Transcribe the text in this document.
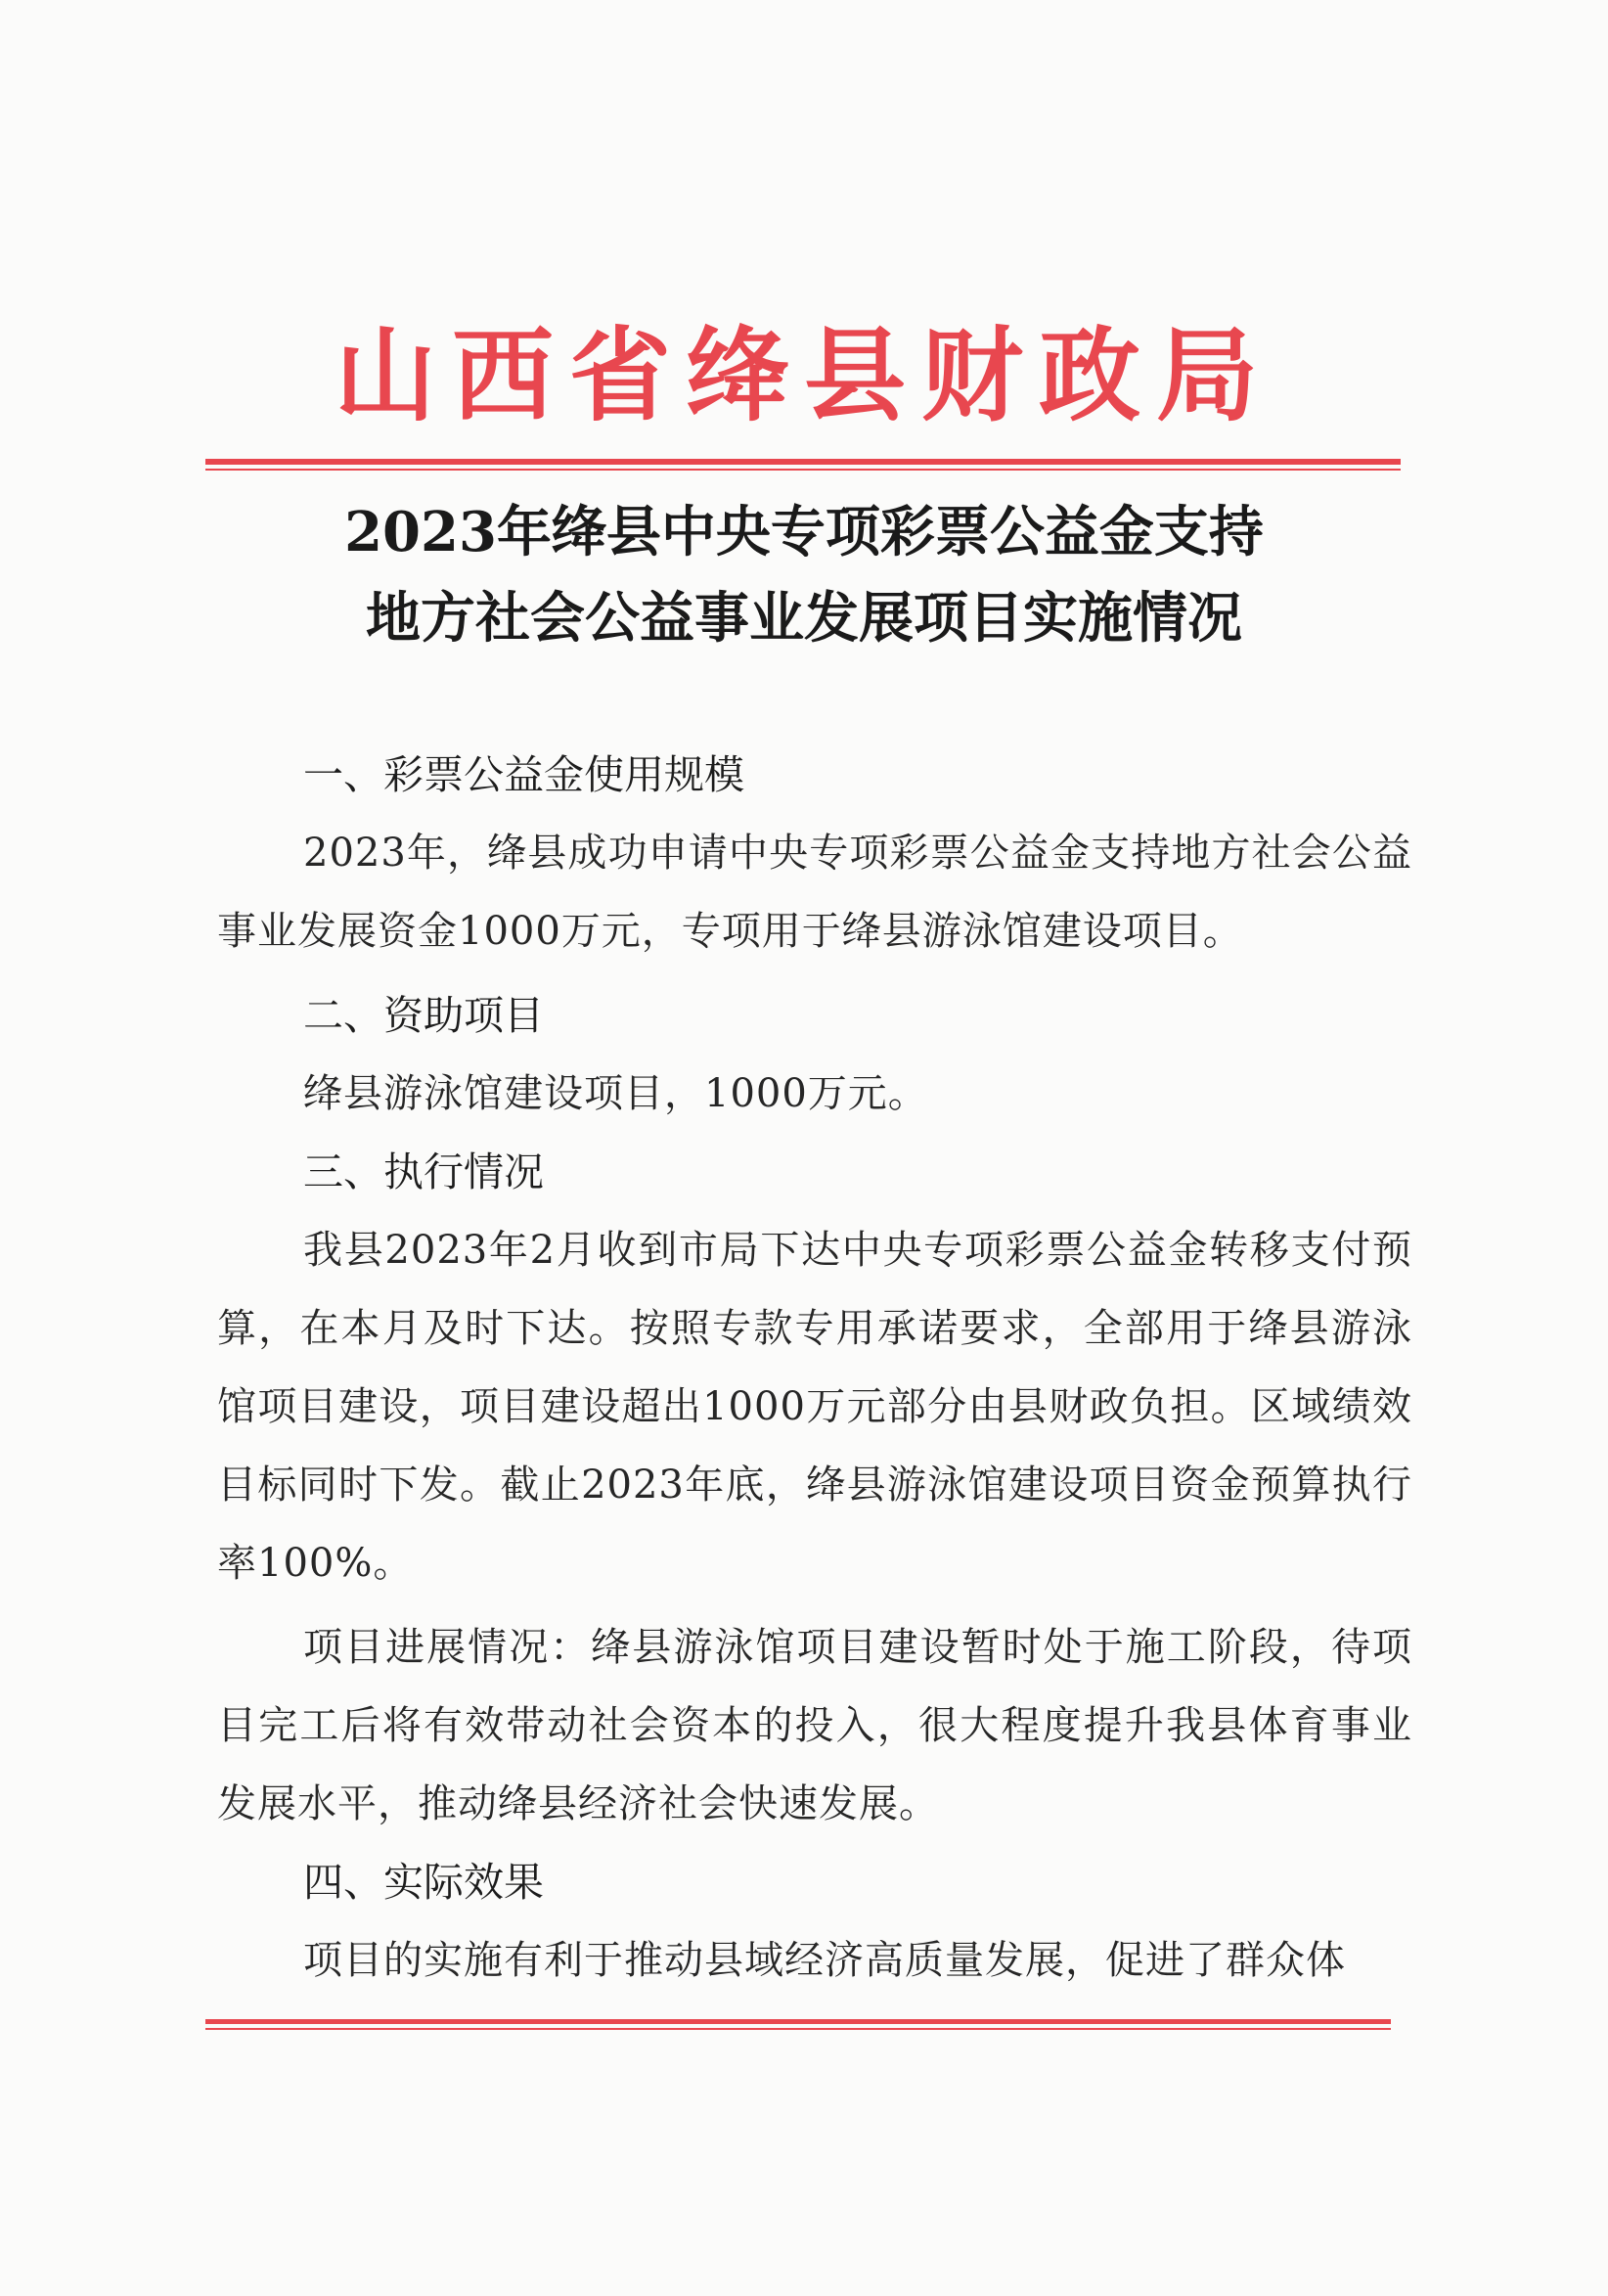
山西省绛县财政局
2023年绛县中央专项彩票公益金支持
地方社会公益事业发展项目实施情况

一、彩票公益金使用规模

2023年，绛县成功申请中央专项彩票公益金支持地方社会公益事业发展资金1000万元，专项用于绛县游泳馆建设项目。

二、资助项目

绛县游泳馆建设项目，1000万元。

三、执行情况

我县2023年2月收到市局下达中央专项彩票公益金转移支付预算，在本月及时下达。按照专款专用承诺要求，全部用于绛县游泳馆项目建设，项目建设超出1000万元部分由县财政负担。区域绩效目标同时下发。截止2023年底，绛县游泳馆建设项目资金预算执行率100%。

项目进展情况：绛县游泳馆项目建设暂时处于施工阶段，待项目完工后将有效带动社会资本的投入，很大程度提升我县体育事业发展水平，推动绛县经济社会快速发展。

四、实际效果

项目的实施有利于推动县域经济高质量发展，促进了群众体
